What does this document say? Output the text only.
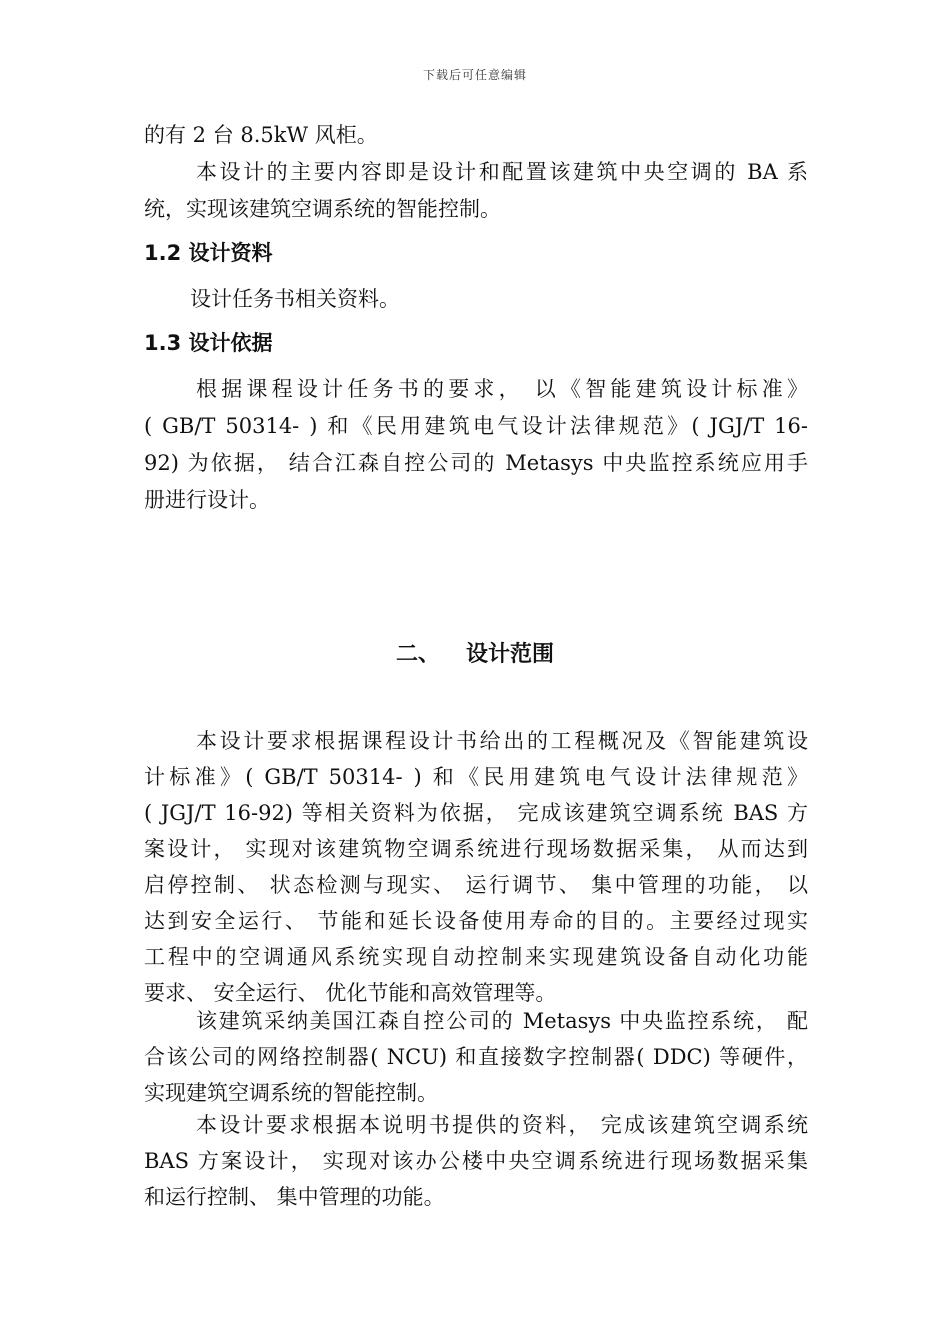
下载后可任意编辑
的有 2 台 8.5kW 风柜。
本设计的主要内容即是设计和配置该建筑中央空调的 BA 系
统，实现该建筑空调系统的智能控制。
1.2 设计资料
设计任务书相关资料。
1.3 设计依据
根据课程设计任务书的要求， 以《智能建筑设计标准》
( GB/T 50314- ) 和《民用建筑电气设计法律规范》( JGJ/T 16-
92) 为依据， 结合江森自控公司的 Metasys 中央监控系统应用手
册进行设计。
二、 设计范围
本设计要求根据课程设计书给出的工程概况及《智能建筑设
计标准》( GB/T 50314- ) 和《民用建筑电气设计法律规范》
( JGJ/T 16-92) 等相关资料为依据， 完成该建筑空调系统 BAS 方
案设计， 实现对该建筑物空调系统进行现场数据采集， 从而达到
启停控制、 状态检测与现实、 运行调节、 集中管理的功能， 以
达到安全运行、 节能和延长设备使用寿命的目的。主要经过现实
工程中的空调通风系统实现自动控制来实现建筑设备自动化功能
要求、 安全运行、 优化节能和高效管理等。
该建筑采纳美国江森自控公司的 Metasys 中央监控系统， 配
合该公司的网络控制器( NCU) 和直接数字控制器( DDC) 等硬件，
实现建筑空调系统的智能控制。
本设计要求根据本说明书提供的资料， 完成该建筑空调系统
BAS 方案设计， 实现对该办公楼中央空调系统进行现场数据采集
和运行控制、 集中管理的功能。
